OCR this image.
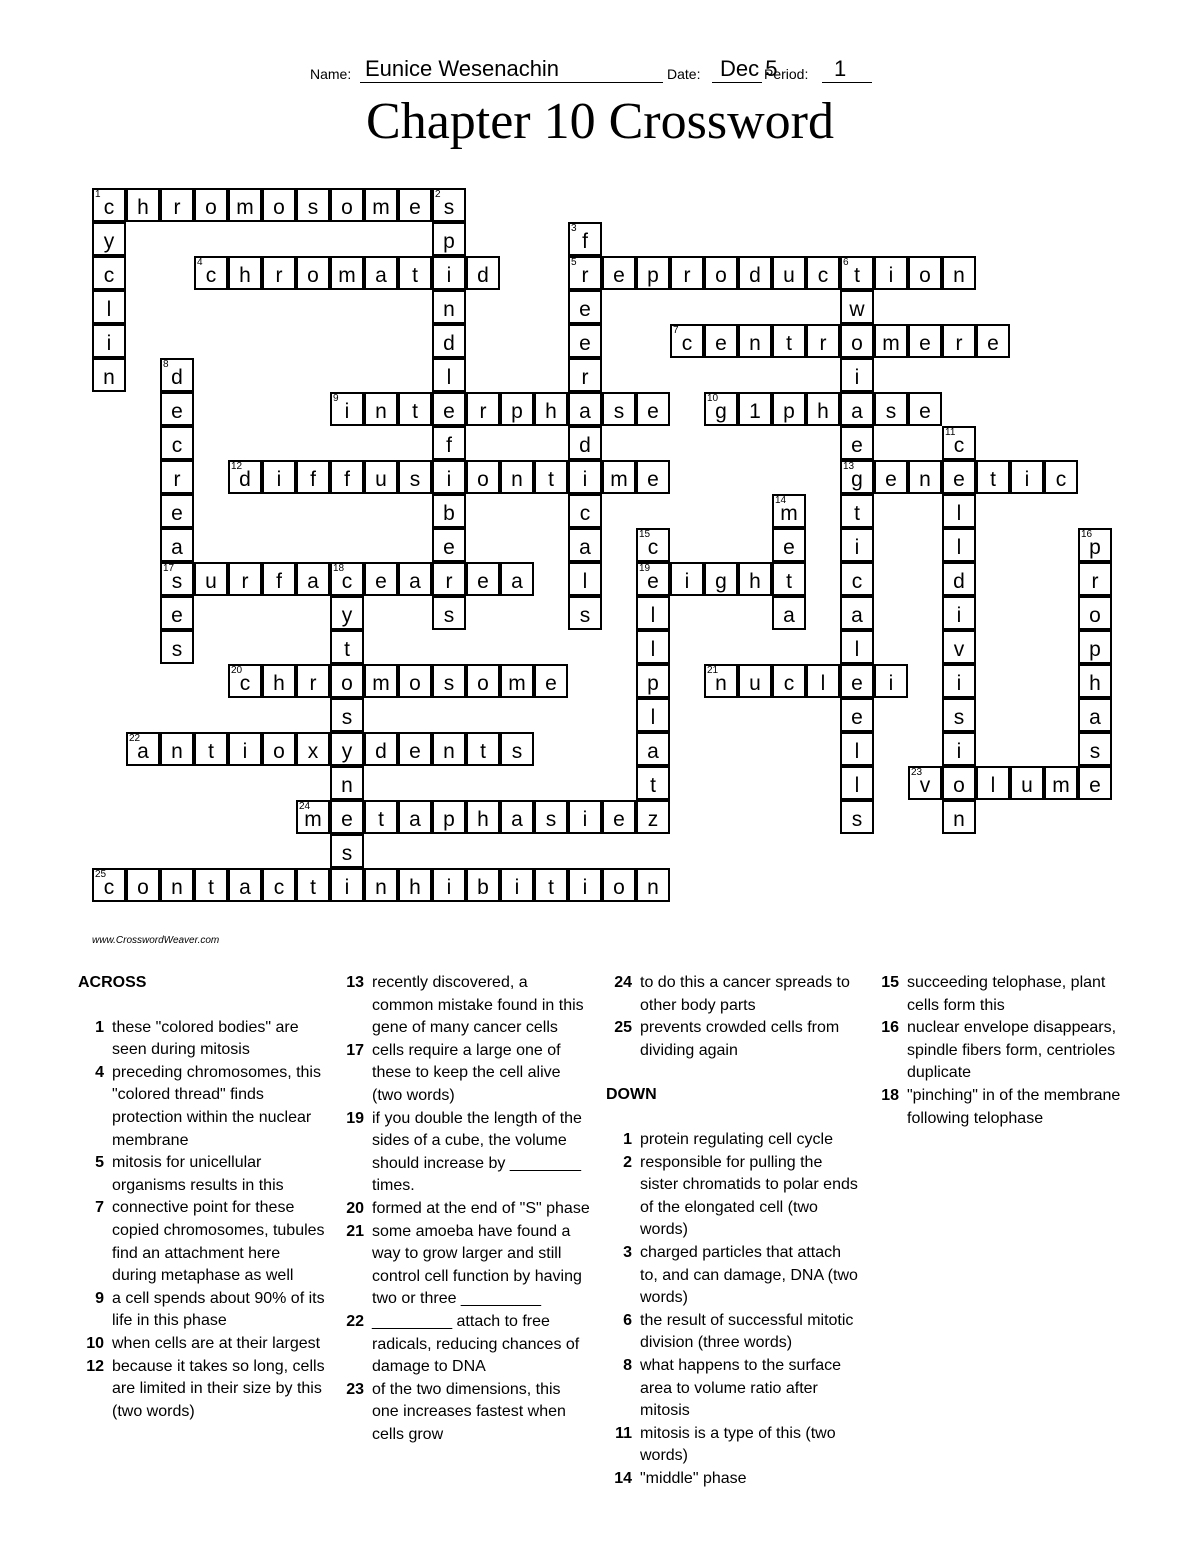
Name: Eunice Wesenachin	Date: Dec 5
Period: 1
Chapter 10 Crossword
1
c	h	r	o m o	s	o m e
2
s
4
c	h	r	o m a	t	i	d
5
r	e	p	r	o	d	u	c
6
t	i	o	n
7
c	e	n	t	r	o m e	r	e
9
i	n	t	e	r	p	h	a	s	e
10
g	1	p	h	a	s	e
12
d	i	f	f	u	s	i	o	n	t	i	m e
13
g	e	n	e	t	i	c
17
s	u	r	f	a
18
c	e	a	r	e	a
19
e	i	g	h	t
20
c	h	r	o m o	s	o m e
21
n	u	c	l	e	i
22
a	n	t	i	o	x	y	d	e	n	t	s
23
v	o	l	u m e
24
m e	t	a	p	h	a	s	i	e	z
25
c	o	n	t	a	c	t	i	n	h	i	b	i	t	i	o	n
y
c
l
i
n
p
n
d
l
f
b
e
s
3
f
e
e
r
d
c
a
l
s
w
i
e
t
i
c
a
l
e
l
l
s
8
d
e
c
r
e
a
e
s
11
c
l
l
d
i
v
i
s
i
n
14
m
e
a
15
c
l
l
p
l
a
t
16
p
r
o
p
h
a
s
y
t
s
n
s
www.CrosswordWeaver.com
ACROSS
1 these "colored bodies" are seen during mitosis
4 preceding chromosomes, this "colored thread" finds protection within the nuclear membrane
5 mitosis for unicellular organisms results in this
7 connective point for these copied chromosomes, tubules find an attachment here during metaphase as well
9 a cell spends about 90% of its life in this phase
10 when cells are at their largest
12 because it takes so long, cells are limited in their size by this (two words)
13 recently discovered, a common mistake found in this gene of many cancer cells
17 cells require a large one of these to keep the cell alive (two words)
19 if you double the length of the sides of a cube, the volume should increase by ________ times.
20 formed at the end of "S" phase
21 some amoeba have found a way to grow larger and still control cell function by having two or three _________
22 _________ attach to free radicals, reducing chances of damage to DNA
23 of the two dimensions, this one increases fastest when cells grow
24 to do this a cancer spreads to other body parts
25 prevents crowded cells from dividing again
DOWN
1 protein regulating cell cycle
2 responsible for pulling the sister chromatids to polar ends of the elongated cell (two words)
3 charged particles that attach to, and can damage, DNA (two words)
6 the result of successful mitotic division (three words)
8 what happens to the surface area to volume ratio after mitosis
11 mitosis is a type of this (two words)
14 "middle" phase
15 succeeding telophase, plant cells form this
16 nuclear envelope disappears, spindle fibers form, centrioles duplicate
18 "pinching" in of the membrane following telophase
